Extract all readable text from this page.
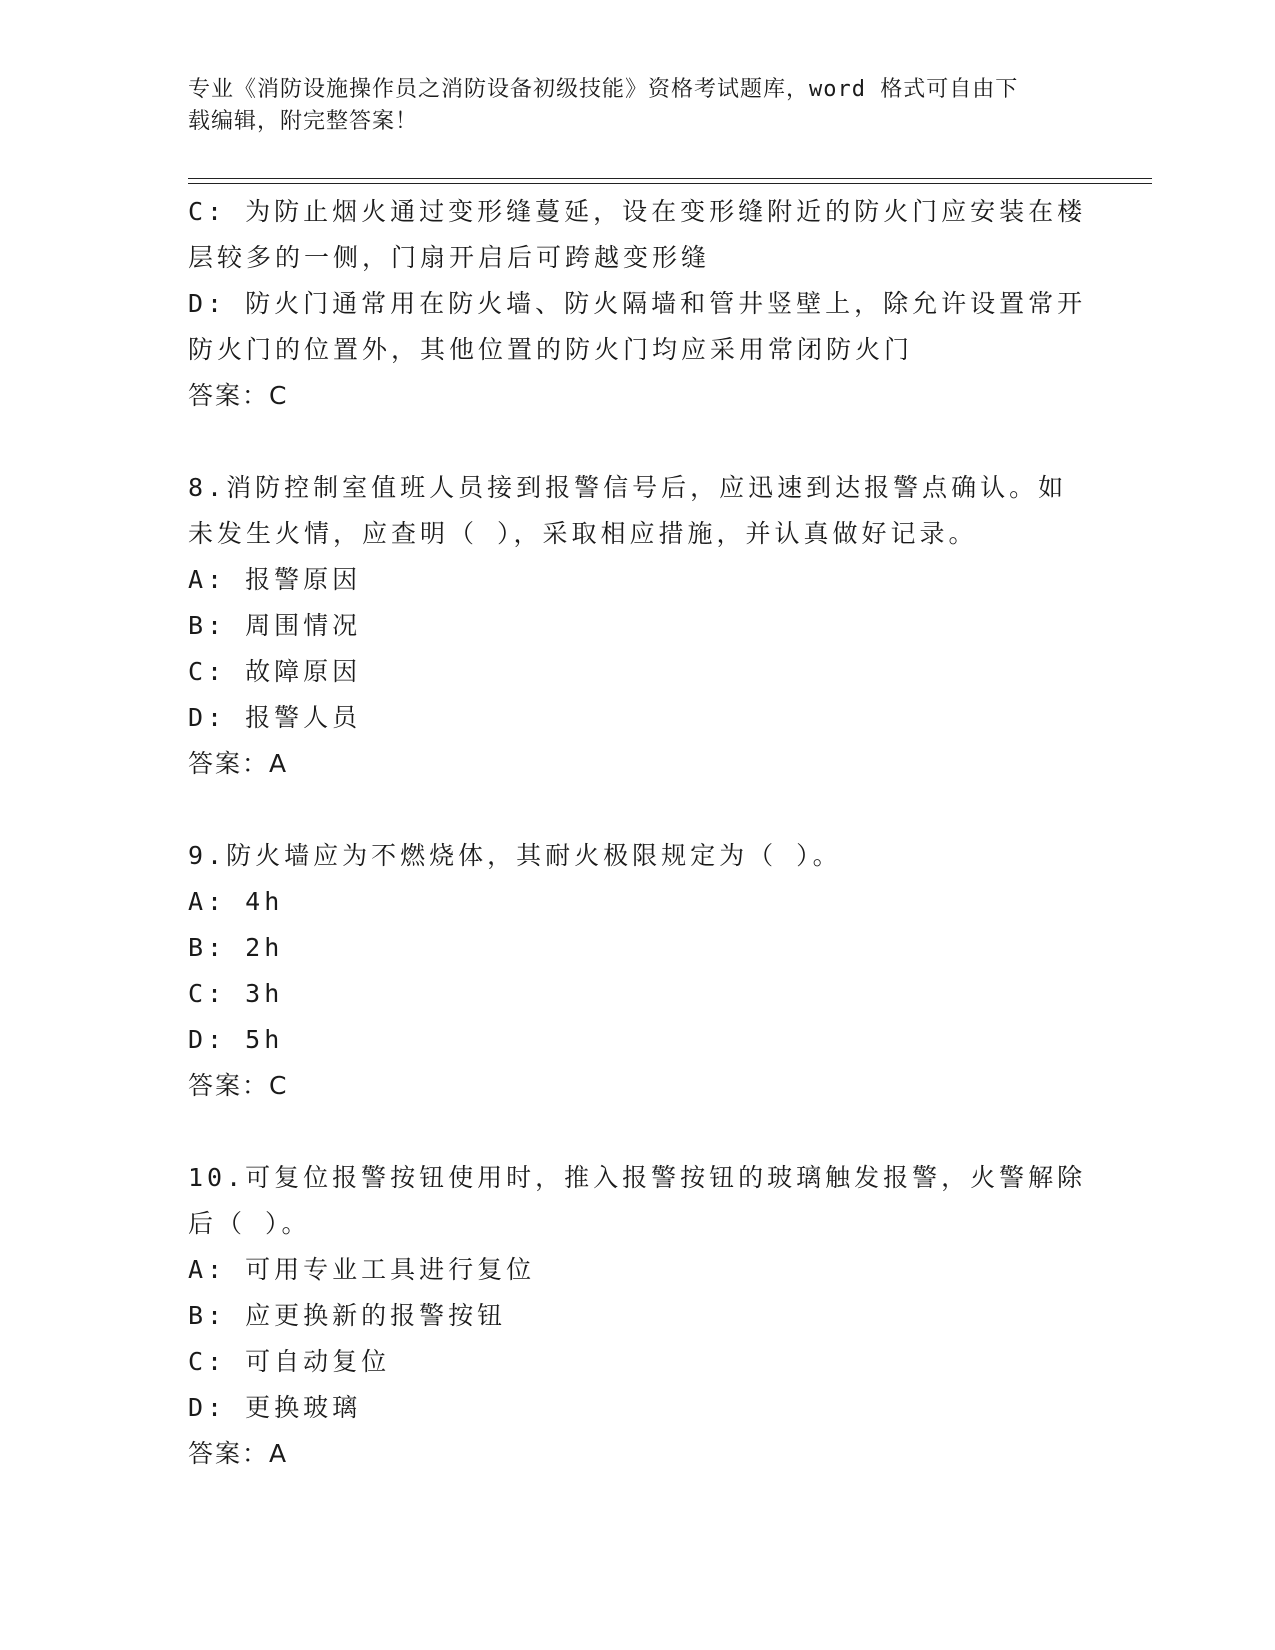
专业《消防设施操作员之消防设备初级技能》资格考试题库，word 格式可自由下
载编辑，附完整答案！
C: 为防止烟火通过变形缝蔓延，设在变形缝附近的防火门应安装在楼
层较多的一侧，门扇开启后可跨越变形缝
D: 防火门通常用在防火墙、防火隔墙和管井竖壁上，除允许设置常开
防火门的位置外，其他位置的防火门均应采用常闭防火门
答案：C
8.消防控制室值班人员接到报警信号后，应迅速到达报警点确认。如
未发生火情，应查明（ ），采取相应措施，并认真做好记录。
A: 报警原因
B: 周围情况
C: 故障原因
D: 报警人员
答案：A
9.防火墙应为不燃烧体，其耐火极限规定为（ ）。
A: 4h
B: 2h
C: 3h
D: 5h
答案：C
10.可复位报警按钮使用时，推入报警按钮的玻璃触发报警，火警解除
后（ ）。
A: 可用专业工具进行复位
B: 应更换新的报警按钮
C: 可自动复位
D: 更换玻璃
答案：A
